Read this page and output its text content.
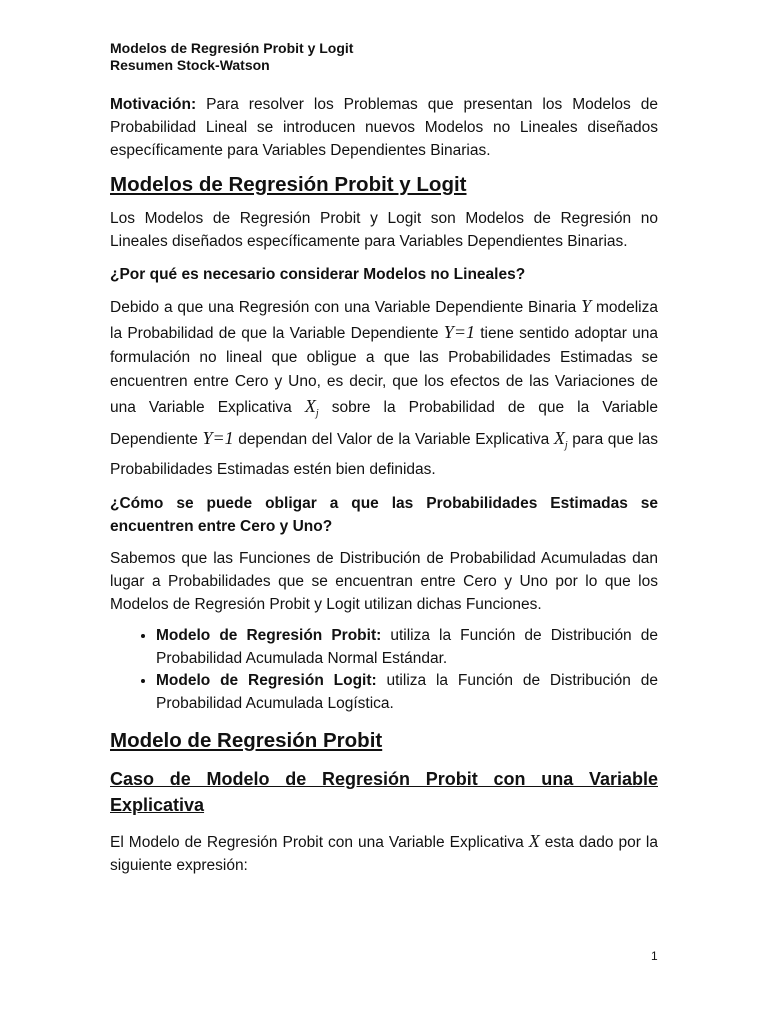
Modelos de Regresión Probit y Logit
Resumen Stock-Watson

Motivación: Para resolver los Problemas que presentan los Modelos de Probabilidad Lineal se introducen nuevos Modelos no Lineales diseñados específicamente para Variables Dependientes Binarias.

Modelos de Regresión Probit y Logit

Los Modelos de Regresión Probit y Logit son Modelos de Regresión no Lineales diseñados específicamente para Variables Dependientes Binarias.

¿Por qué es necesario considerar Modelos no Lineales?

Debido a que una Regresión con una Variable Dependiente Binaria Y modeliza la Probabilidad de que la Variable Dependiente Y=1 tiene sentido adoptar una formulación no lineal que obligue a que las Probabilidades Estimadas se encuentren entre Cero y Uno, es decir, que los efectos de las Variaciones de una Variable Explicativa $X_j$ sobre la Probabilidad de que la Variable Dependiente Y=1 dependan del Valor de la Variable Explicativa $X_j$ para que las Probabilidades Estimadas estén bien definidas.

¿Cómo se puede obligar a que las Probabilidades Estimadas se encuentren entre Cero y Uno?

Sabemos que las Funciones de Distribución de Probabilidad Acumuladas dan lugar a Probabilidades que se encuentran entre Cero y Uno por lo que los Modelos de Regresión Probit y Logit utilizan dichas Funciones.

• Modelo de Regresión Probit: utiliza la Función de Distribución de Probabilidad Acumulada Normal Estándar.
• Modelo de Regresión Logit: utiliza la Función de Distribución de Probabilidad Acumulada Logística.
Modelo de Regresión Probit
Caso de Modelo de Regresión Probit con una Variable Explicativa

El Modelo de Regresión Probit con una Variable Explicativa X esta dado por la siguiente expresión:

1
